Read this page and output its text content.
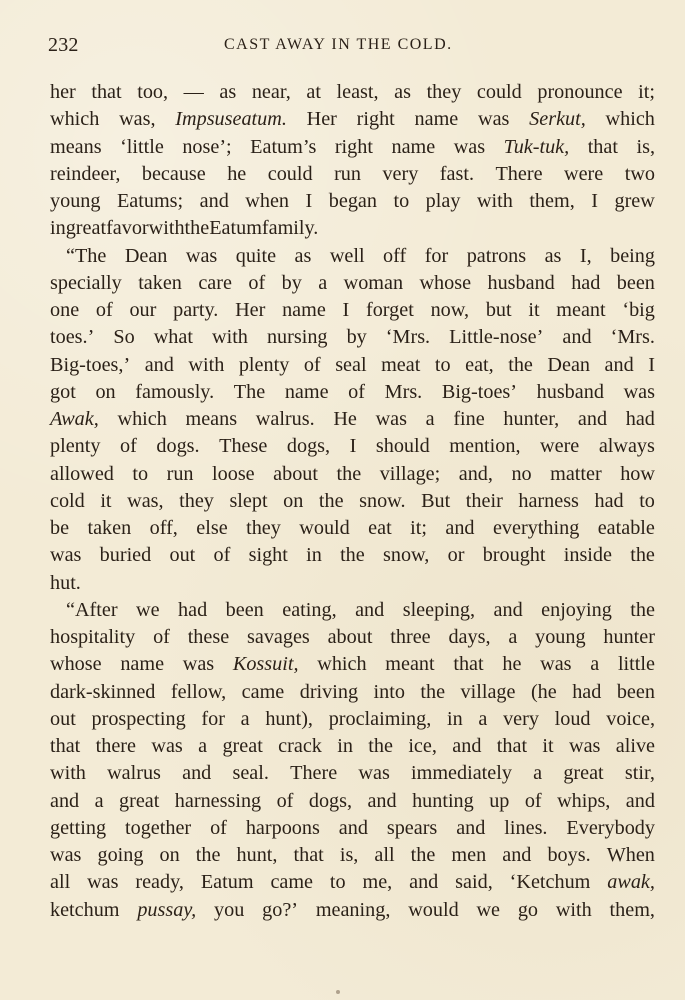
232	CAST AWAY IN THE COLD.
her that too, — as near, at least, as they could pronounce it;
which was, Impsuseatum. Her right name was Serkut, which
means ‘little nose’; Eatum’s right name was Tuk-tuk, that is,
reindeer, because he could run very fast. There were two
young Eatums; and when I began to play with them, I grew
in great favor with the Eatum family.
“The Dean was quite as well off for patrons as I, being
specially taken care of by a woman whose husband had been
one of our party. Her name I forget now, but it meant ‘big
toes.’ So what with nursing by ‘Mrs. Little-nose’ and ‘Mrs.
Big-toes,’ and with plenty of seal meat to eat, the Dean and I
got on famously. The name of Mrs. Big-toes’ husband was
Awak, which means walrus. He was a fine hunter, and had
plenty of dogs. These dogs, I should mention, were always
allowed to run loose about the village; and, no matter how
cold it was, they slept on the snow. But their harness had to
be taken off, else they would eat it; and everything eatable
was buried out of sight in the snow, or brought inside the
hut.
“After we had been eating, and sleeping, and enjoying the
hospitality of these savages about three days, a young hunter
whose name was Kossuit, which meant that he was a little
dark-skinned fellow, came driving into the village (he had been
out prospecting for a hunt), proclaiming, in a very loud voice,
that there was a great crack in the ice, and that it was alive
with walrus and seal. There was immediately a great stir,
and a great harnessing of dogs, and hunting up of whips, and
getting together of harpoons and spears and lines. Everybody
was going on the hunt, that is, all the men and boys. When
all was ready, Eatum came to me, and said, ‘Ketchum awak,
ketchum pussay, you go?’ meaning, would we go with them,
